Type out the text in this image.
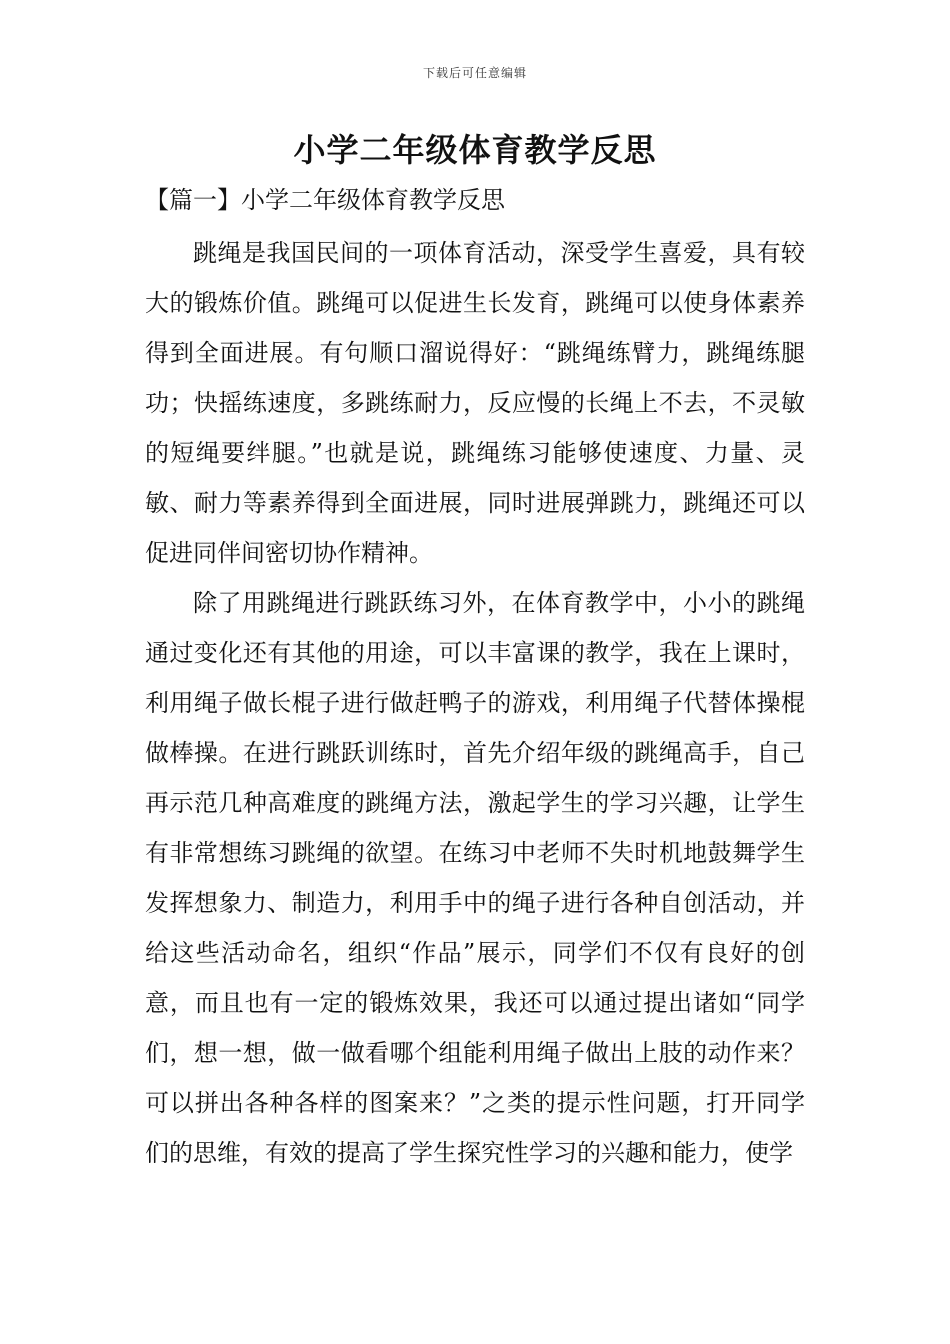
下载后可任意编辑
小学二年级体育教学反思
【篇一】小学二年级体育教学反思

跳绳是我国民间的一项体育活动，深受学生喜爱，具有较大的锻炼价值。跳绳可以促进生长发育，跳绳可以使身体素养得到全面进展。有句顺口溜说得好：“跳绳练臂力，跳绳练腿功；快摇练速度，多跳练耐力，反应慢的长绳上不去，不灵敏的短绳要绊腿。”也就是说，跳绳练习能够使速度、力量、灵敏、耐力等素养得到全面进展，同时进展弹跳力，跳绳还可以促进同伴间密切协作精神。

除了用跳绳进行跳跃练习外，在体育教学中，小小的跳绳通过变化还有其他的用途，可以丰富课的教学，我在上课时，利用绳子做长棍子进行做赶鸭子的游戏，利用绳子代替体操棍做棒操。在进行跳跃训练时，首先介绍年级的跳绳高手，自己再示范几种高难度的跳绳方法，激起学生的学习兴趣，让学生有非常想练习跳绳的欲望。在练习中老师不失时机地鼓舞学生发挥想象力、制造力，利用手中的绳子进行各种自创活动，并给这些活动命名，组织“作品”展示，同学们不仅有良好的创意，而且也有一定的锻炼效果，我还可以通过提出诸如“同学们，想一想，做一做看哪个组能利用绳子做出上肢的动作来？可以拼出各种各样的图案来？”之类的提示性问题，打开同学们的思维，有效的提高了学生探究性学习的兴趣和能力，使学
